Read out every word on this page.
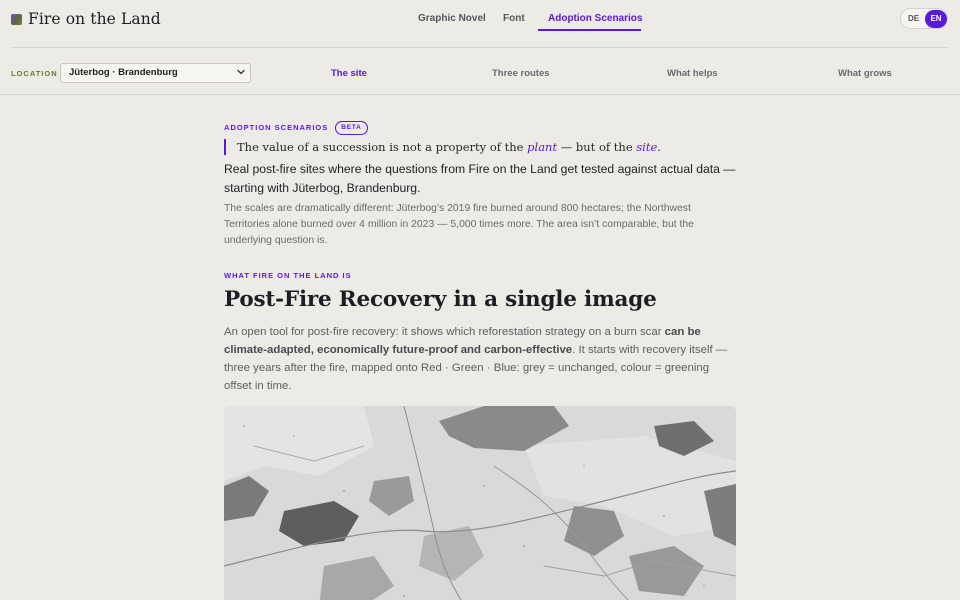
Fire on the Land	Graphic Novel Font Adoption Scenarios	DE	EN
LOCATION	Jüterbog · Brandenburg	The site	Three routes	What helps	What grows
ADOPTION SCENARIOS	BETA
The value of a succession is not a property of the plant — but of the site.

Real post-fire sites where the questions from Fire on the Land get tested against actual data — starting with Jüterbog, Brandenburg.

The scales are dramatically different: Jüterbog’s 2019 fire burned around 800 hectares; the Northwest Territories alone burned over 4 million in 2023 — 5,000 times more. The area isn’t comparable, but the underlying question is.

WHAT FIRE ON THE LAND IS
Post-Fire Recovery in a single image

An open tool for post-fire recovery: it shows which reforestation strategy on a burn scar can be climate-adapted, economically future-proof and carbon-effective. It starts with recovery itself — three years after the fire, mapped onto Red · Green · Blue: grey = unchanged, colour = greening offset in time.
